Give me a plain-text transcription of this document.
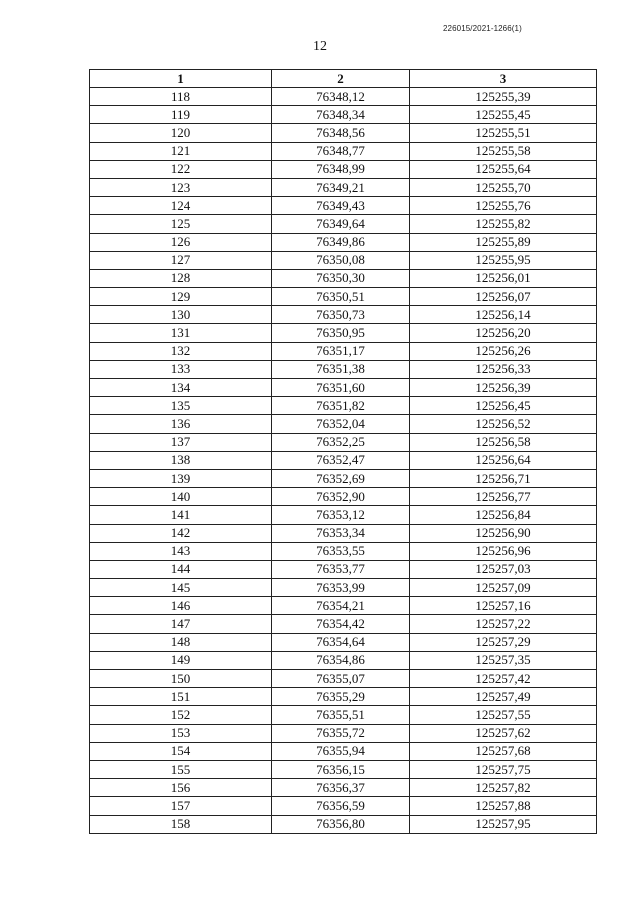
226015/2021-1266(1)
12
1	2	3
118	76348,12	125255,39
119	76348,34	125255,45
120	76348,56	125255,51
121	76348,77	125255,58
122	76348,99	125255,64
123	76349,21	125255,70
124	76349,43	125255,76
125	76349,64	125255,82
126	76349,86	125255,89
127	76350,08	125255,95
128	76350,30	125256,01
129	76350,51	125256,07
130	76350,73	125256,14
131	76350,95	125256,20
132	76351,17	125256,26
133	76351,38	125256,33
134	76351,60	125256,39
135	76351,82	125256,45
136	76352,04	125256,52
137	76352,25	125256,58
138	76352,47	125256,64
139	76352,69	125256,71
140	76352,90	125256,77
141	76353,12	125256,84
142	76353,34	125256,90
143	76353,55	125256,96
144	76353,77	125257,03
145	76353,99	125257,09
146	76354,21	125257,16
147	76354,42	125257,22
148	76354,64	125257,29
149	76354,86	125257,35
150	76355,07	125257,42
151	76355,29	125257,49
152	76355,51	125257,55
153	76355,72	125257,62
154	76355,94	125257,68
155	76356,15	125257,75
156	76356,37	125257,82
157	76356,59	125257,88
158	76356,80	125257,95
